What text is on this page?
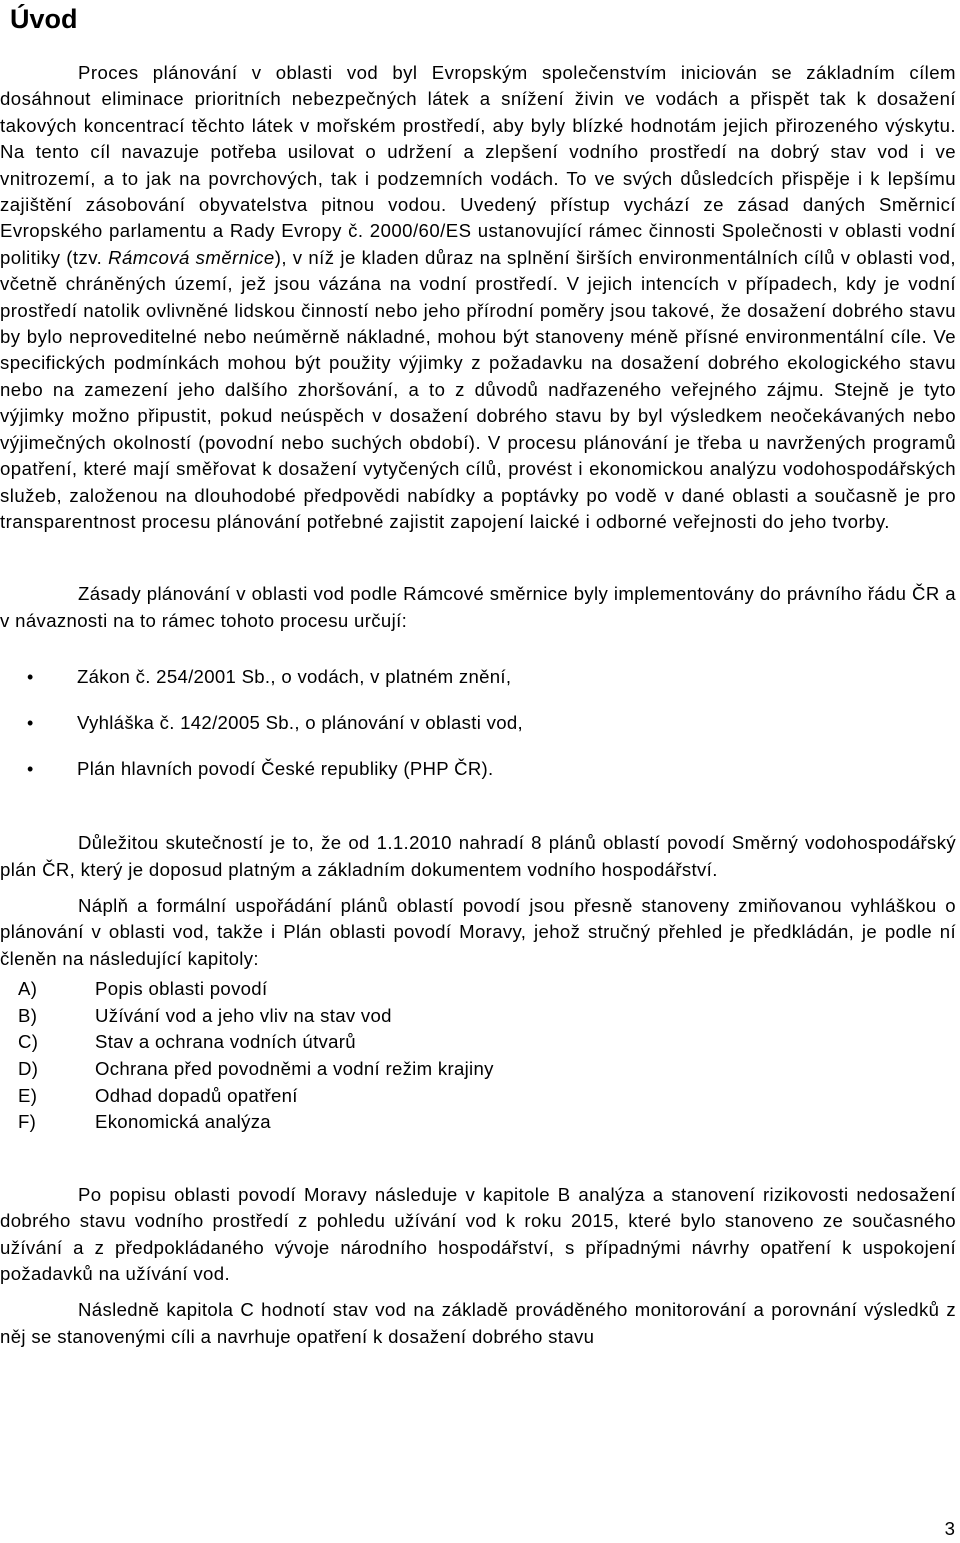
Úvod

Proces plánování v oblasti vod byl Evropským společenstvím iniciován se základním cílem dosáhnout eliminace prioritních nebezpečných látek a snížení živin ve vodách a přispět tak k dosažení takových koncentrací těchto látek v mořském prostředí, aby byly blízké hodnotám jejich přirozeného výskytu. Na tento cíl navazuje potřeba usilovat o udržení a zlepšení vodního prostředí na dobrý stav vod i ve vnitrozemí, a to jak na povrchových, tak i podzemních vodách. To ve svých důsledcích přispěje i k lepšímu zajištění zásobování obyvatelstva pitnou vodou. Uvedený přístup vychází ze zásad daných Směrnicí Evropského parlamentu a Rady Evropy č. 2000/60/ES ustanovující rámec činnosti Společnosti v oblasti vodní politiky (tzv. Rámcová směrnice), v níž je kladen důraz na splnění širších environmentálních cílů v oblasti vod, včetně chráněných území, jež jsou vázána na vodní prostředí. V jejich intencích v případech, kdy je vodní prostředí natolik ovlivněné lidskou činností nebo jeho přírodní poměry jsou takové, že dosažení dobrého stavu by bylo neproveditelné nebo neúměrně nákladné, mohou být stanoveny méně přísné environmentální cíle. Ve specifických podmínkách mohou být použity výjimky z požadavku na dosažení dobrého ekologického stavu nebo na zamezení jeho dalšího zhoršování, a to z důvodů nadřazeného veřejného zájmu. Stejně je tyto výjimky možno připustit, pokud neúspěch v dosažení dobrého stavu by byl výsledkem neočekávaných nebo výjimečných okolností (povodní nebo suchých období). V procesu plánování je třeba u navržených programů opatření, které mají směřovat k dosažení vytyčených cílů, provést i ekonomickou analýzu vodohospodářských služeb, založenou na dlouhodobé předpovědi nabídky a poptávky po vodě v dané oblasti a současně je pro transparentnost procesu plánování potřebné zajistit zapojení laické i odborné veřejnosti do jeho tvorby.

Zásady plánování v oblasti vod podle Rámcové směrnice byly implementovány do právního řádu ČR a v návaznosti na to rámec tohoto procesu určují:

• Zákon č. 254/2001 Sb., o vodách, v platném znění,
• Vyhláška č. 142/2005 Sb., o plánování v oblasti vod,
• Plán hlavních povodí České republiky (PHP ČR).

Důležitou skutečností je to, že od 1.1.2010 nahradí 8 plánů oblastí povodí Směrný vodohospodářský plán ČR, který je doposud platným a základním dokumentem vodního hospodářství.

Náplň a formální uspořádání plánů oblastí povodí jsou přesně stanoveny zmiňovanou vyhláškou o plánování v oblasti vod, takže i Plán oblasti povodí Moravy, jehož stručný přehled je předkládán, je podle ní členěn na následující kapitoly:

A)	Popis oblasti povodí
B)	Užívání vod a jeho vliv na stav vod
C)	Stav a ochrana vodních útvarů
D)	Ochrana před povodněmi a vodní režim krajiny
E)	Odhad dopadů opatření
F)	Ekonomická analýza

Po popisu oblasti povodí Moravy následuje v kapitole B analýza a stanovení rizikovosti nedosažení dobrého stavu vodního prostředí z pohledu užívání vod k roku 2015, které bylo stanoveno ze současného užívání a z předpokládaného vývoje národního hospodářství, s případnými návrhy opatření k uspokojení požadavků na užívání vod.

Následně kapitola C hodnotí stav vod na základě prováděného monitorování a porovnání výsledků z něj se stanovenými cíli a navrhuje opatření k dosažení dobrého stavu

3
